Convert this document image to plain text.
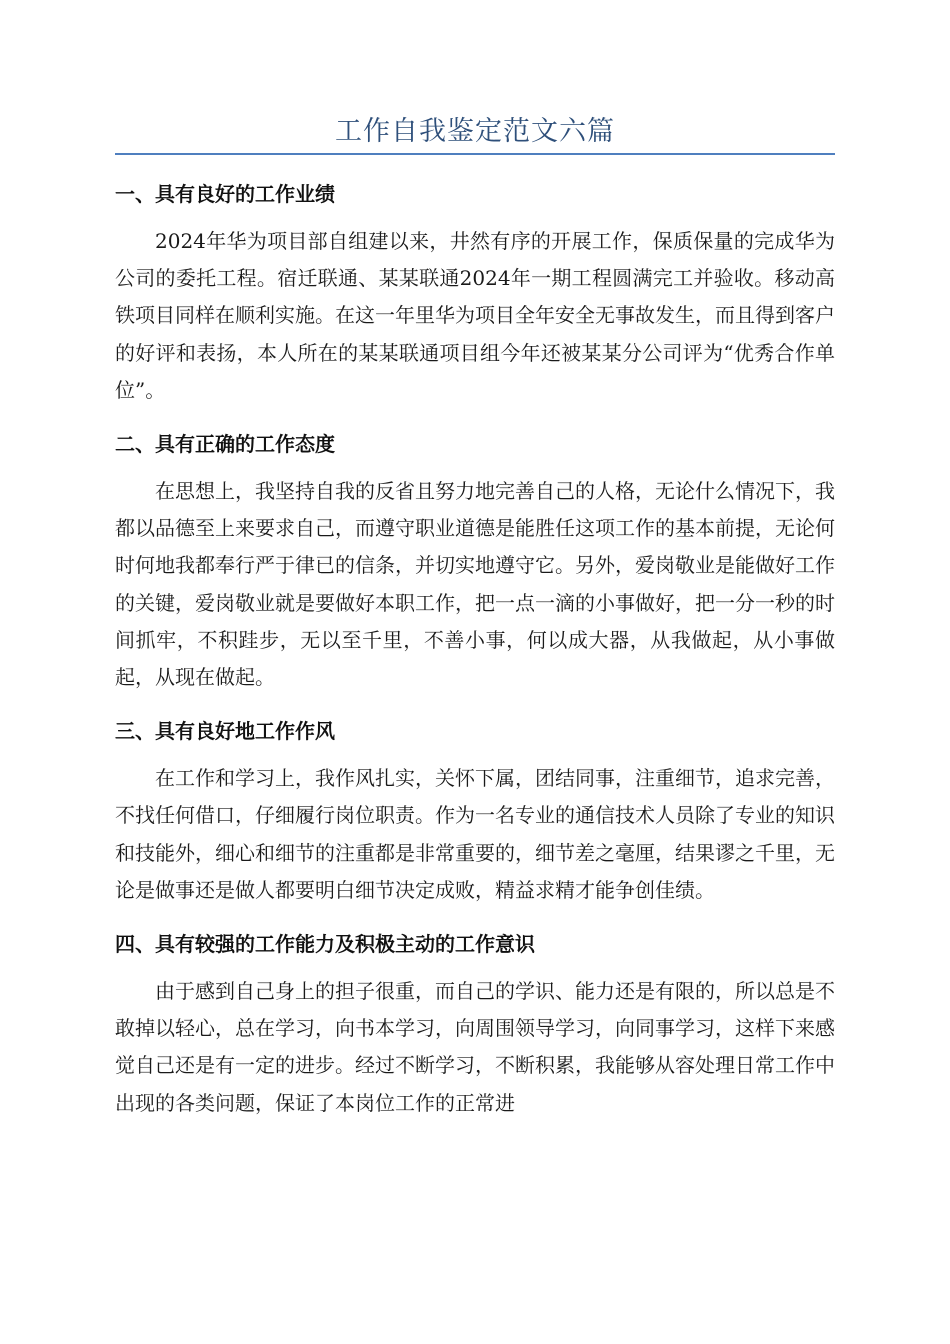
工作自我鉴定范文六篇
一、具有良好的工作业绩

2024年华为项目部自组建以来，井然有序的开展工作，保质保量的完成华为公司的委托工程。宿迁联通、某某联通2024年一期工程圆满完工并验收。移动高铁项目同样在顺利实施。在这一年里华为项目全年安全无事故发生，而且得到客户的好评和表扬，本人所在的某某联通项目组今年还被某某分公司评为“优秀合作单位”。

二、具有正确的工作态度

在思想上，我坚持自我的反省且努力地完善自己的人格，无论什么情况下，我都以品德至上来要求自己，而遵守职业道德是能胜任这项工作的基本前提，无论何时何地我都奉行严于律已的信条，并切实地遵守它。另外，爱岗敬业是能做好工作的关键，爱岗敬业就是要做好本职工作，把一点一滴的小事做好，把一分一秒的时间抓牢，不积跬步，无以至千里，不善小事，何以成大器，从我做起，从小事做起，从现在做起。

三、具有良好地工作作风

在工作和学习上，我作风扎实，关怀下属，团结同事，注重细节，追求完善，不找任何借口，仔细履行岗位职责。作为一名专业的通信技术人员除了专业的知识和技能外，细心和细节的注重都是非常重要的，细节差之毫厘，结果谬之千里，无论是做事还是做人都要明白细节决定成败，精益求精才能争创佳绩。

四、具有较强的工作能力及积极主动的工作意识

由于感到自己身上的担子很重，而自己的学识、能力还是有限的，所以总是不敢掉以轻心，总在学习，向书本学习，向周围领导学习，向同事学习，这样下来感觉自己还是有一定的进步。经过不断学习，不断积累，我能够从容处理日常工作中出现的各类问题，保证了本岗位工作的正常进
